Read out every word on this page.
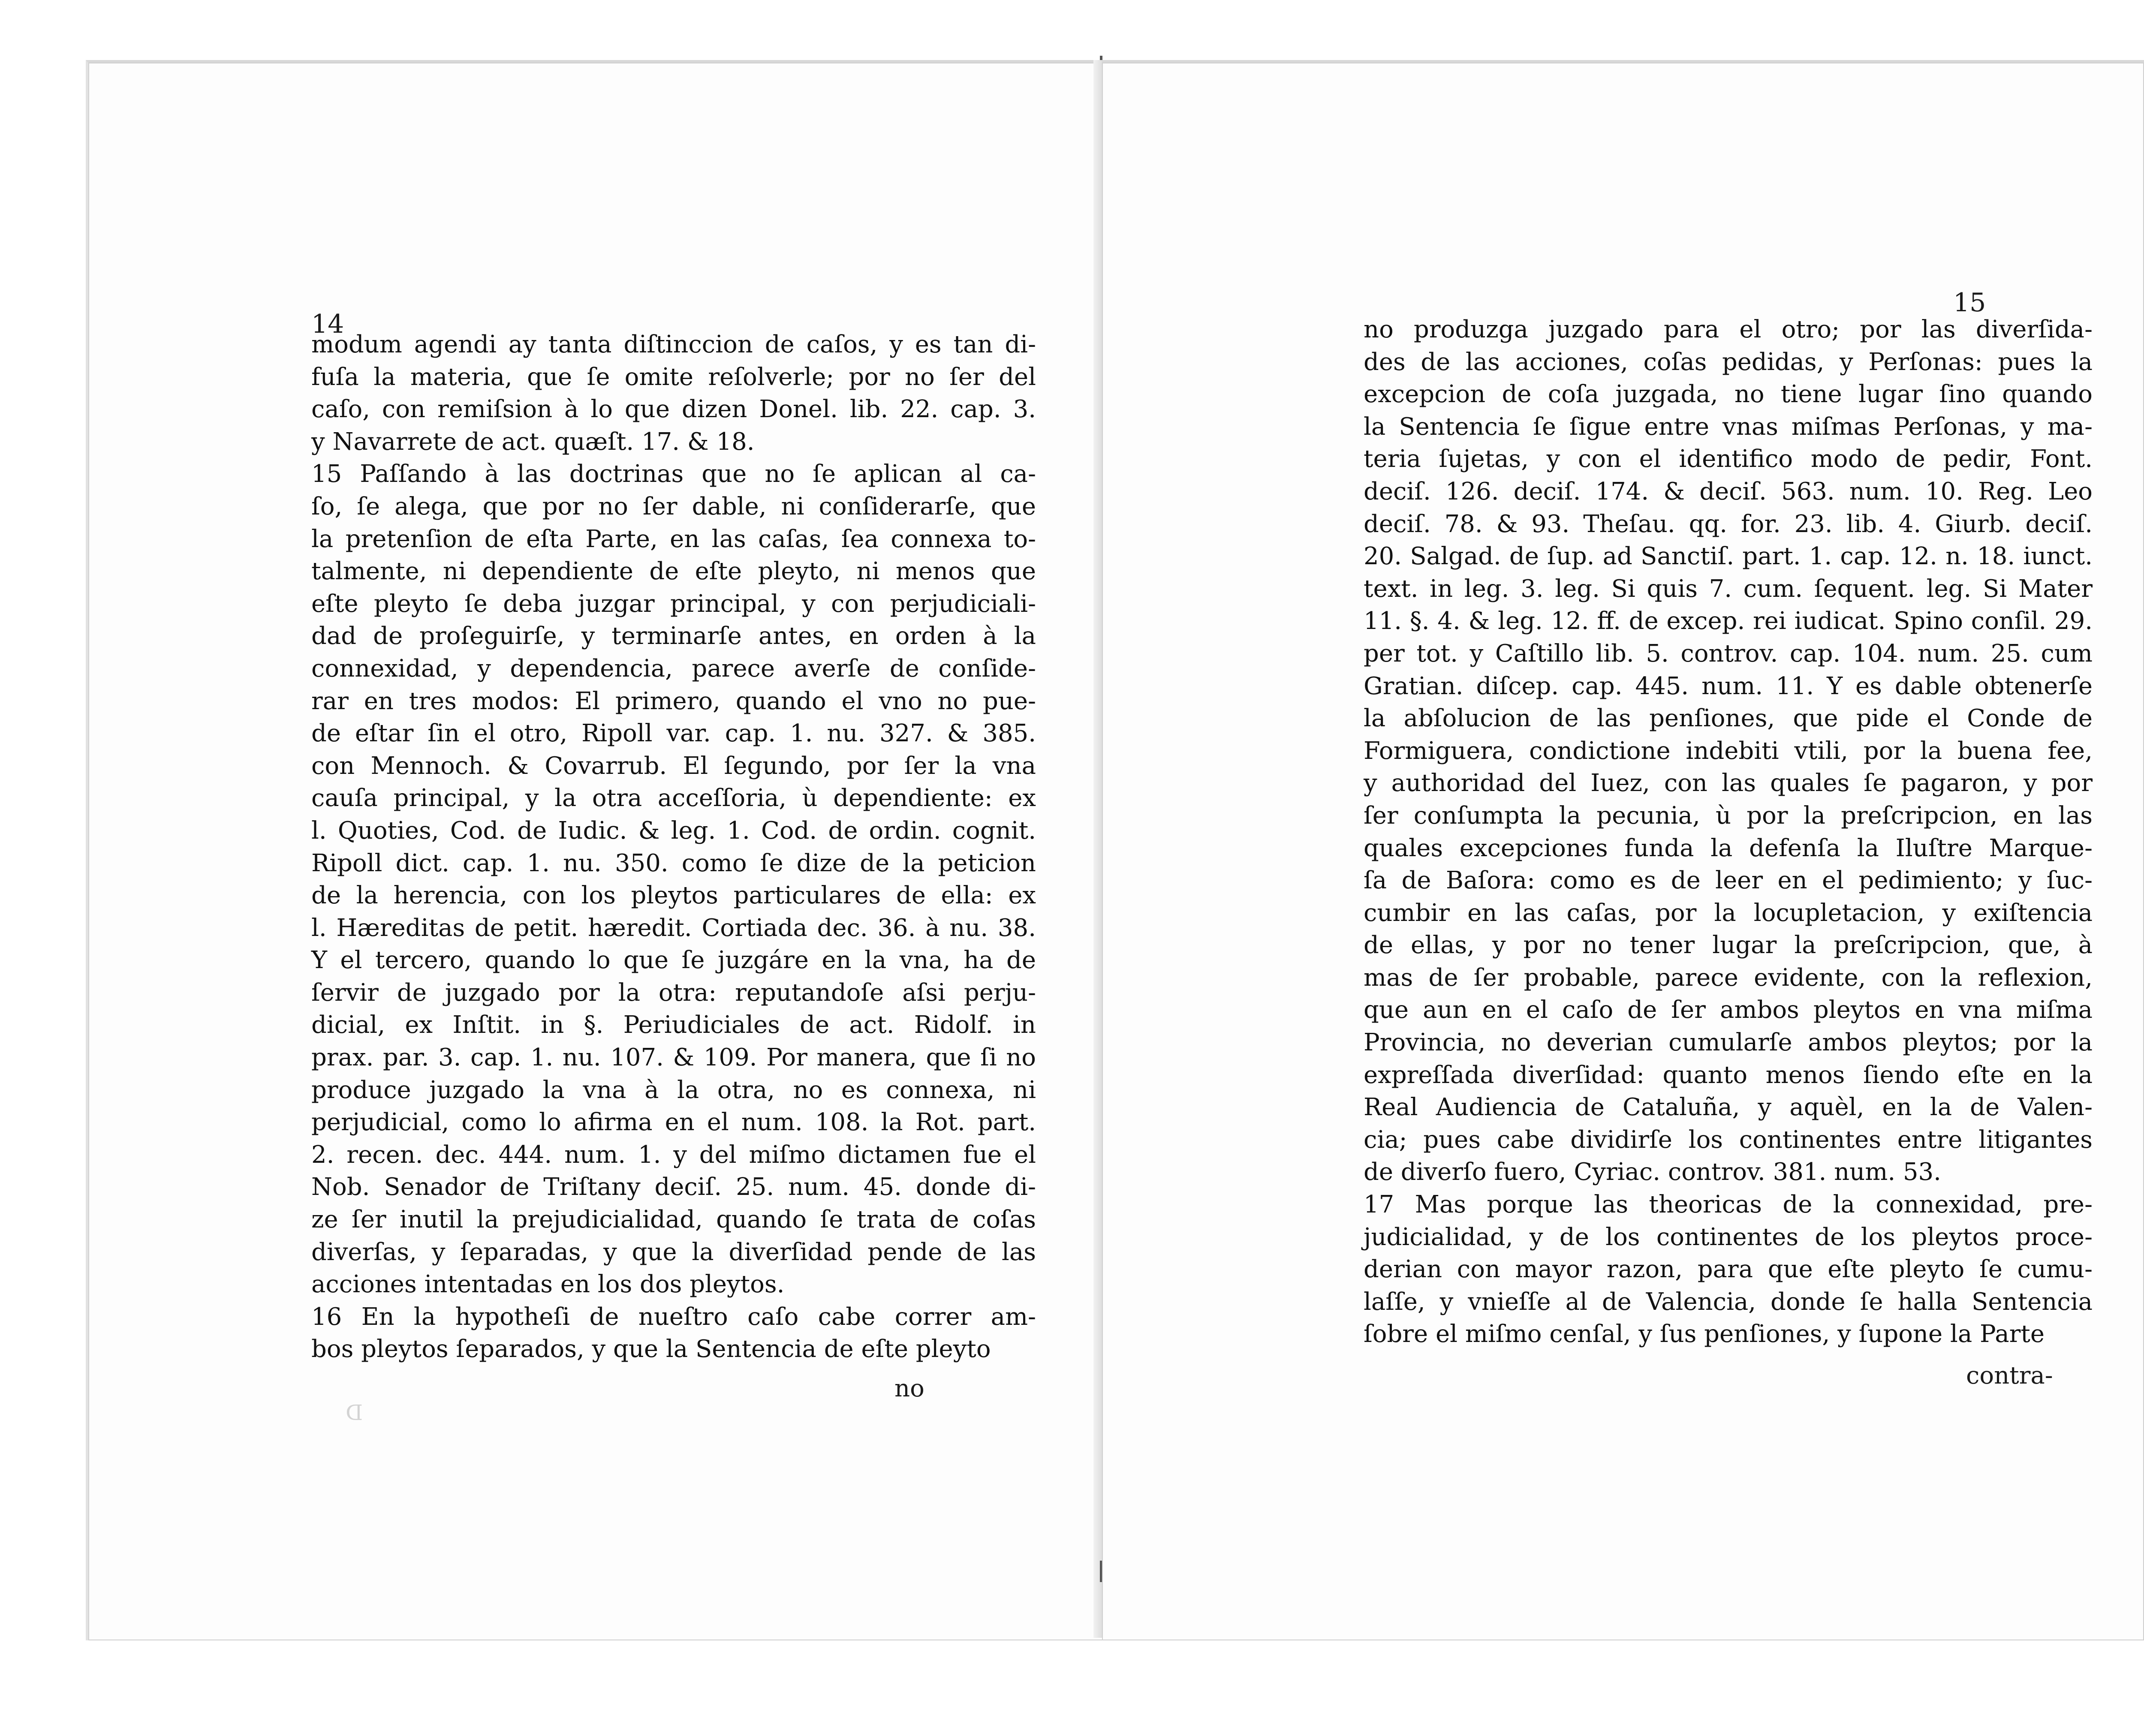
14
modum agendi ay tanta diſtinccion de caſos, y es tan di-
fuſa la materia, que ſe omite reſolverle; por no ſer del
caſo, con remiſsion à lo que dizen Donel. lib. 22. cap. 3.
y Navarrete de act. quæſt. 17. & 18.
15 Paſſando à las doctrinas que no ſe aplican al ca-
ſo, ſe alega, que por no ſer dable, ni conſiderarſe, que
la pretenſion de eſta Parte, en las caſas, ſea connexa to-
talmente, ni dependiente de eſte pleyto, ni menos que
eſte pleyto ſe deba juzgar principal, y con perjudiciali-
dad de proſeguirſe, y terminarſe antes, en orden à la
connexidad, y dependencia, parece averſe de conſide-
rar en tres modos: El primero, quando el vno no pue-
de eſtar ſin el otro, Ripoll var. cap. 1. nu. 327. & 385.
con Mennoch. & Covarrub. El ſegundo, por ſer la vna
cauſa principal, y la otra acceſſoria, ù dependiente: ex
l. Quoties, Cod. de Iudic. & leg. 1. Cod. de ordin. cognit.
Ripoll dict. cap. 1. nu. 350. como ſe dize de la peticion
de la herencia, con los pleytos particulares de ella: ex
l. Hæreditas de petit. hæredit. Cortiada dec. 36. à nu. 38.
Y el tercero, quando lo que ſe juzgáre en la vna, ha de
ſervir de juzgado por la otra: reputandoſe aſsi perju-
dicial, ex Inſtit. in §. Periudiciales de act. Ridolf. in
prax. par. 3. cap. 1. nu. 107. & 109. Por manera, que ſi no
produce juzgado la vna à la otra, no es connexa, ni
perjudicial, como lo afirma en el num. 108. la Rot. part.
2. recen. dec. 444. num. 1. y del miſmo dictamen fue el
Nob. Senador de Triſtany deciſ. 25. num. 45. donde di-
ze ſer inutil la prejudicialidad, quando ſe trata de coſas
diverſas, y ſeparadas, y que la diverſidad pende de las
acciones intentadas en los dos pleytos.
16 En la hypotheſi de nueſtro caſo cabe correr am-
bos pleytos ſeparados, y que la Sentencia de eſte pleyto
no
D
15
no produzga juzgado para el otro; por las diverſida-
des de las acciones, coſas pedidas, y Perſonas: pues la
excepcion de coſa juzgada, no tiene lugar ſino quando
la Sentencia ſe ſigue entre vnas miſmas Perſonas, y ma-
teria ſujetas, y con el identifico modo de pedir, Font.
deciſ. 126. deciſ. 174. & deciſ. 563. num. 10. Reg. Leo
deciſ. 78. & 93. Theſau. qq. for. 23. lib. 4. Giurb. deciſ.
20. Salgad. de ſup. ad Sanctiſ. part. 1. cap. 12. n. 18. iunct.
text. in leg. 3. leg. Si quis 7. cum. ſequent. leg. Si Mater
11. §. 4. & leg. 12. ff. de excep. rei iudicat. Spino conſil. 29.
per tot. y Caſtillo lib. 5. controv. cap. 104. num. 25. cum
Gratian. diſcep. cap. 445. num. 11. Y es dable obtenerſe
la abſolucion de las penſiones, que pide el Conde de
Formiguera, condictione indebiti vtili, por la buena fee,
y authoridad del Iuez, con las quales ſe pagaron, y por
ſer conſumpta la pecunia, ù por la preſcripcion, en las
quales excepciones funda la defenſa la Iluſtre Marque-
ſa de Baſora: como es de leer en el pedimiento; y ſuc-
cumbir en las caſas, por la locupletacion, y exiſtencia
de ellas, y por no tener lugar la preſcripcion, que, à
mas de ſer probable, parece evidente, con la reflexion,
que aun en el caſo de ſer ambos pleytos en vna miſma
Provincia, no deverian cumularſe ambos pleytos; por la
expreſſada diverſidad: quanto menos ſiendo eſte en la
Real Audiencia de Cataluña, y aquèl, en la de Valen-
cia; pues cabe dividirſe los continentes entre litigantes
de diverſo fuero, Cyriac. controv. 381. num. 53.
17 Mas porque las theoricas de la connexidad, pre-
judicialidad, y de los continentes de los pleytos proce-
derian con mayor razon, para que eſte pleyto ſe cumu-
laſſe, y vnieſſe al de Valencia, donde ſe halla Sentencia
ſobre el miſmo cenſal, y ſus penſiones, y ſupone la Parte
contra-
